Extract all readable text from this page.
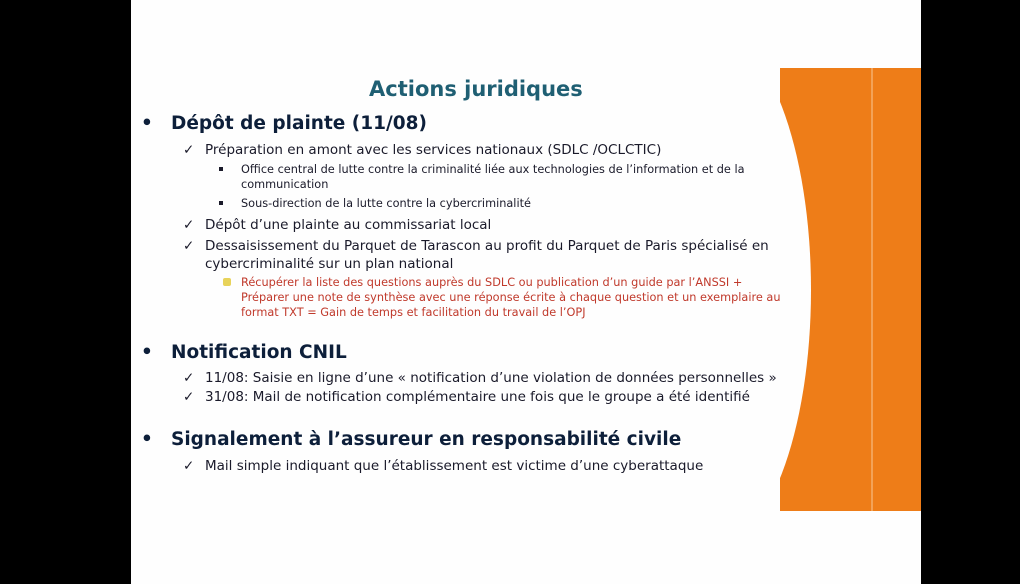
Actions juridiques
• Dépôt de plainte (11/08)
✓ Préparation en amont avec les services nationaux (SDLC /OCLCTIC)
Office central de lutte contre la criminalité liée aux technologies de l’information et de la communication
Sous-direction de la lutte contre la cybercriminalité
✓ Dépôt d’une plainte au commissariat local
✓ Dessaisissement du Parquet de Tarascon au profit du Parquet de Paris spécialisé en cybercriminalité sur un plan national
Récupérer la liste des questions auprès du SDLC ou publication d’un guide par l’ANSSI + Préparer une note de synthèse avec une réponse écrite à chaque question et un exemplaire au format TXT = Gain de temps et facilitation du travail de l’OPJ
• Notification CNIL
✓ 11/08: Saisie en ligne d’une « notification d’une violation de données personnelles »
✓ 31/08: Mail de notification complémentaire une fois que le groupe a été identifié
• Signalement à l’assureur en responsabilité civile
✓ Mail simple indiquant que l’établissement est victime d’une cyberattaque
